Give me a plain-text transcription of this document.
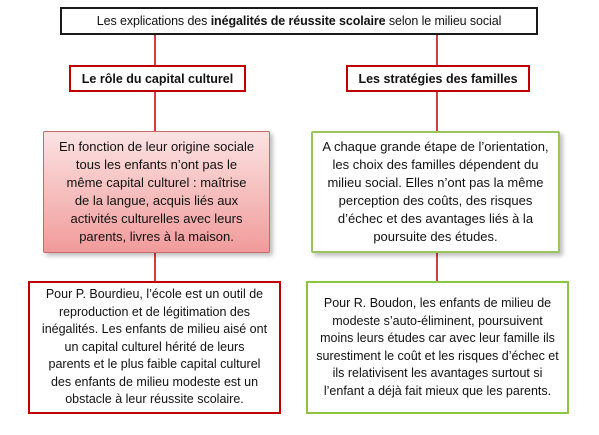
Les explications des inégalités de réussite scolaire selon le milieu social
Le rôle du capital culturel	Les stratégies des familles
En fonction de leur origine sociale
tous les enfants n’ont pas le
même capital culturel : maîtrise
de la langue, acquis liés aux
activités culturelles avec leurs
parents, livres à la maison.
A chaque grande étape de l’orientation,
les choix des familles dépendent du
milieu social. Elles n’ont pas la même
perception des coûts, des risques
d’échec et des avantages liés à la
poursuite des études.
Pour P. Bourdieu, l’école est un outil de
reproduction et de légitimation des
inégalités. Les enfants de milieu aisé ont
un capital culturel hérité de leurs
parents et le plus faible capital culturel
des enfants de milieu modeste est un
obstacle à leur réussite scolaire.
Pour R. Boudon, les enfants de milieu de
modeste s’auto-éliminent, poursuivent
moins leurs études car avec leur famille ils
surestiment le coût et les risques d’échec et
ils relativisent les avantages surtout si
l’enfant a déjà fait mieux que les parents.
